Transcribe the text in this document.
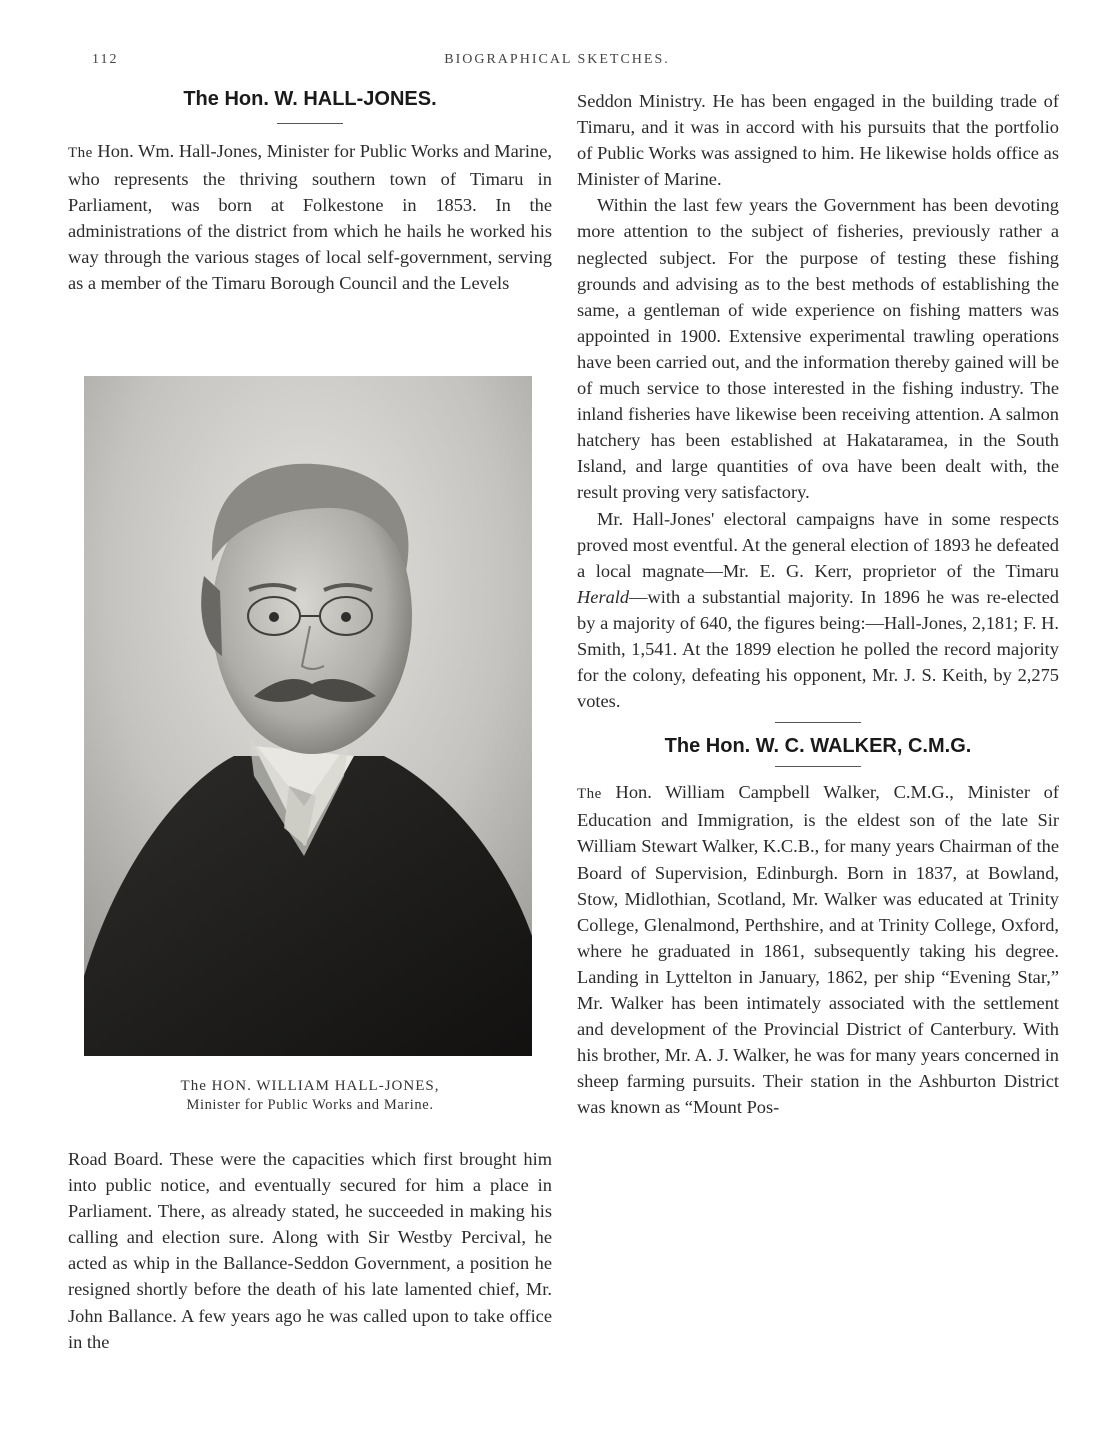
112	BIOGRAPHICAL SKETCHES.
The Hon. W. HALL-JONES.

The Hon. Wm. Hall-Jones, Minister for Public Works and Marine, who represents the thriving southern town of Timaru in Parliament, was born at Folkestone in 1853. In the administrations of the district from which he hails he worked his way through the various stages of local self-government, serving as a member of the Timaru Borough Council and the Levels

The HON. WILLIAM HALL-JONES,
Minister for Public Works and Marine.

Road Board. These were the capacities which first brought him into public notice, and eventually secured for him a place in Parliament. There, as already stated, he succeeded in making his calling and election sure. Along with Sir Westby Percival, he acted as whip in the Ballance-Seddon Government, a position he resigned shortly before the death of his late lamented chief, Mr. John Ballance. A few years ago he was called upon to take office in the

Seddon Ministry. He has been engaged in the building trade of Timaru, and it was in accord with his pursuits that the portfolio of Public Works was assigned to him. He likewise holds office as Minister of Marine.

Within the last few years the Government has been devoting more attention to the subject of fisheries, previously rather a neglected subject. For the purpose of testing these fishing grounds and advising as to the best methods of establishing the same, a gentleman of wide experience on fishing matters was appointed in 1900. Extensive experimental trawling operations have been carried out, and the information thereby gained will be of much service to those interested in the fishing industry. The inland fisheries have likewise been receiving attention. A salmon hatchery has been established at Hakataramea, in the South Island, and large quantities of ova have been dealt with, the result proving very satisfactory.

Mr. Hall-Jones' electoral campaigns have in some respects proved most eventful. At the general election of 1893 he defeated a local magnate—Mr. E. G. Kerr, proprietor of the Timaru Herald—with a substantial majority. In 1896 he was re-elected by a majority of 640, the figures being:—Hall-Jones, 2,181; F. H. Smith, 1,541. At the 1899 election he polled the record majority for the colony, defeating his opponent, Mr. J. S. Keith, by 2,275 votes.

The Hon. W. C. WALKER, C.M.G.

The Hon. William Campbell Walker, C.M.G., Minister of Education and Immigration, is the eldest son of the late Sir William Stewart Walker, K.C.B., for many years Chairman of the Board of Supervision, Edinburgh. Born in 1837, at Bowland, Stow, Midlothian, Scotland, Mr. Walker was educated at Trinity College, Glenalmond, Perthshire, and at Trinity College, Oxford, where he graduated in 1861, subsequently taking his degree. Landing in Lyttelton in January, 1862, per ship “Evening Star,” Mr. Walker has been intimately associated with the settlement and development of the Provincial District of Canterbury. With his brother, Mr. A. J. Walker, he was for many years concerned in sheep farming pursuits. Their station in the Ashburton District was known as “Mount Pos-
